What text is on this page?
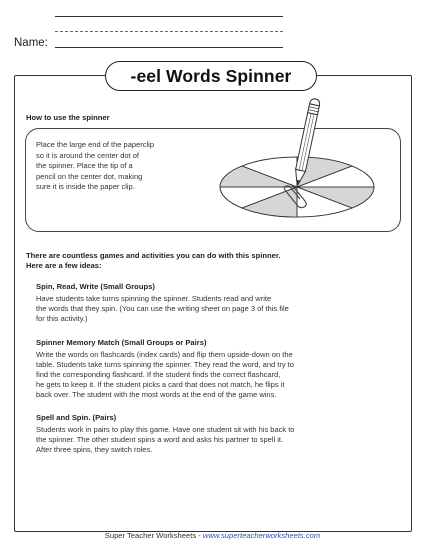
Name:
-eel Words Spinner
How to use the spinner
Place the large end of the paperclip
so it is around the center dot of
the spinner. Place the tip of a
pencil on the center dot, making
sure it is inside the paper clip.
There are countless games and activities you can do with this spinner.
Here are a few ideas:
Spin, Read, Write (Small Groups)
Have students take turns spinning the spinner. Students read and write
the words that they spin. (You can use the writing sheet on page 3 of this file
for this activity.)
Spinner Memory Match (Small Groups or Pairs)
Write the words on flashcards (index cards) and flip them upside-down on the
table. Students take turns spinning the spinner. They read the word, and try to
find the corresponding flashcard. If the student finds the correct flashcard,
he gets to keep it. If the student picks a card that does not match, he flips it
back over. The student with the most words at the end of the game wins.
Spell and Spin. (Pairs)
Students work in pairs to play this game. Have one student sit with his back to
the spinner. The other student spins a word and asks his partner to spell it.
After three spins, they switch roles.
Super Teacher Worksheets - www.superteacherworksheets.com
